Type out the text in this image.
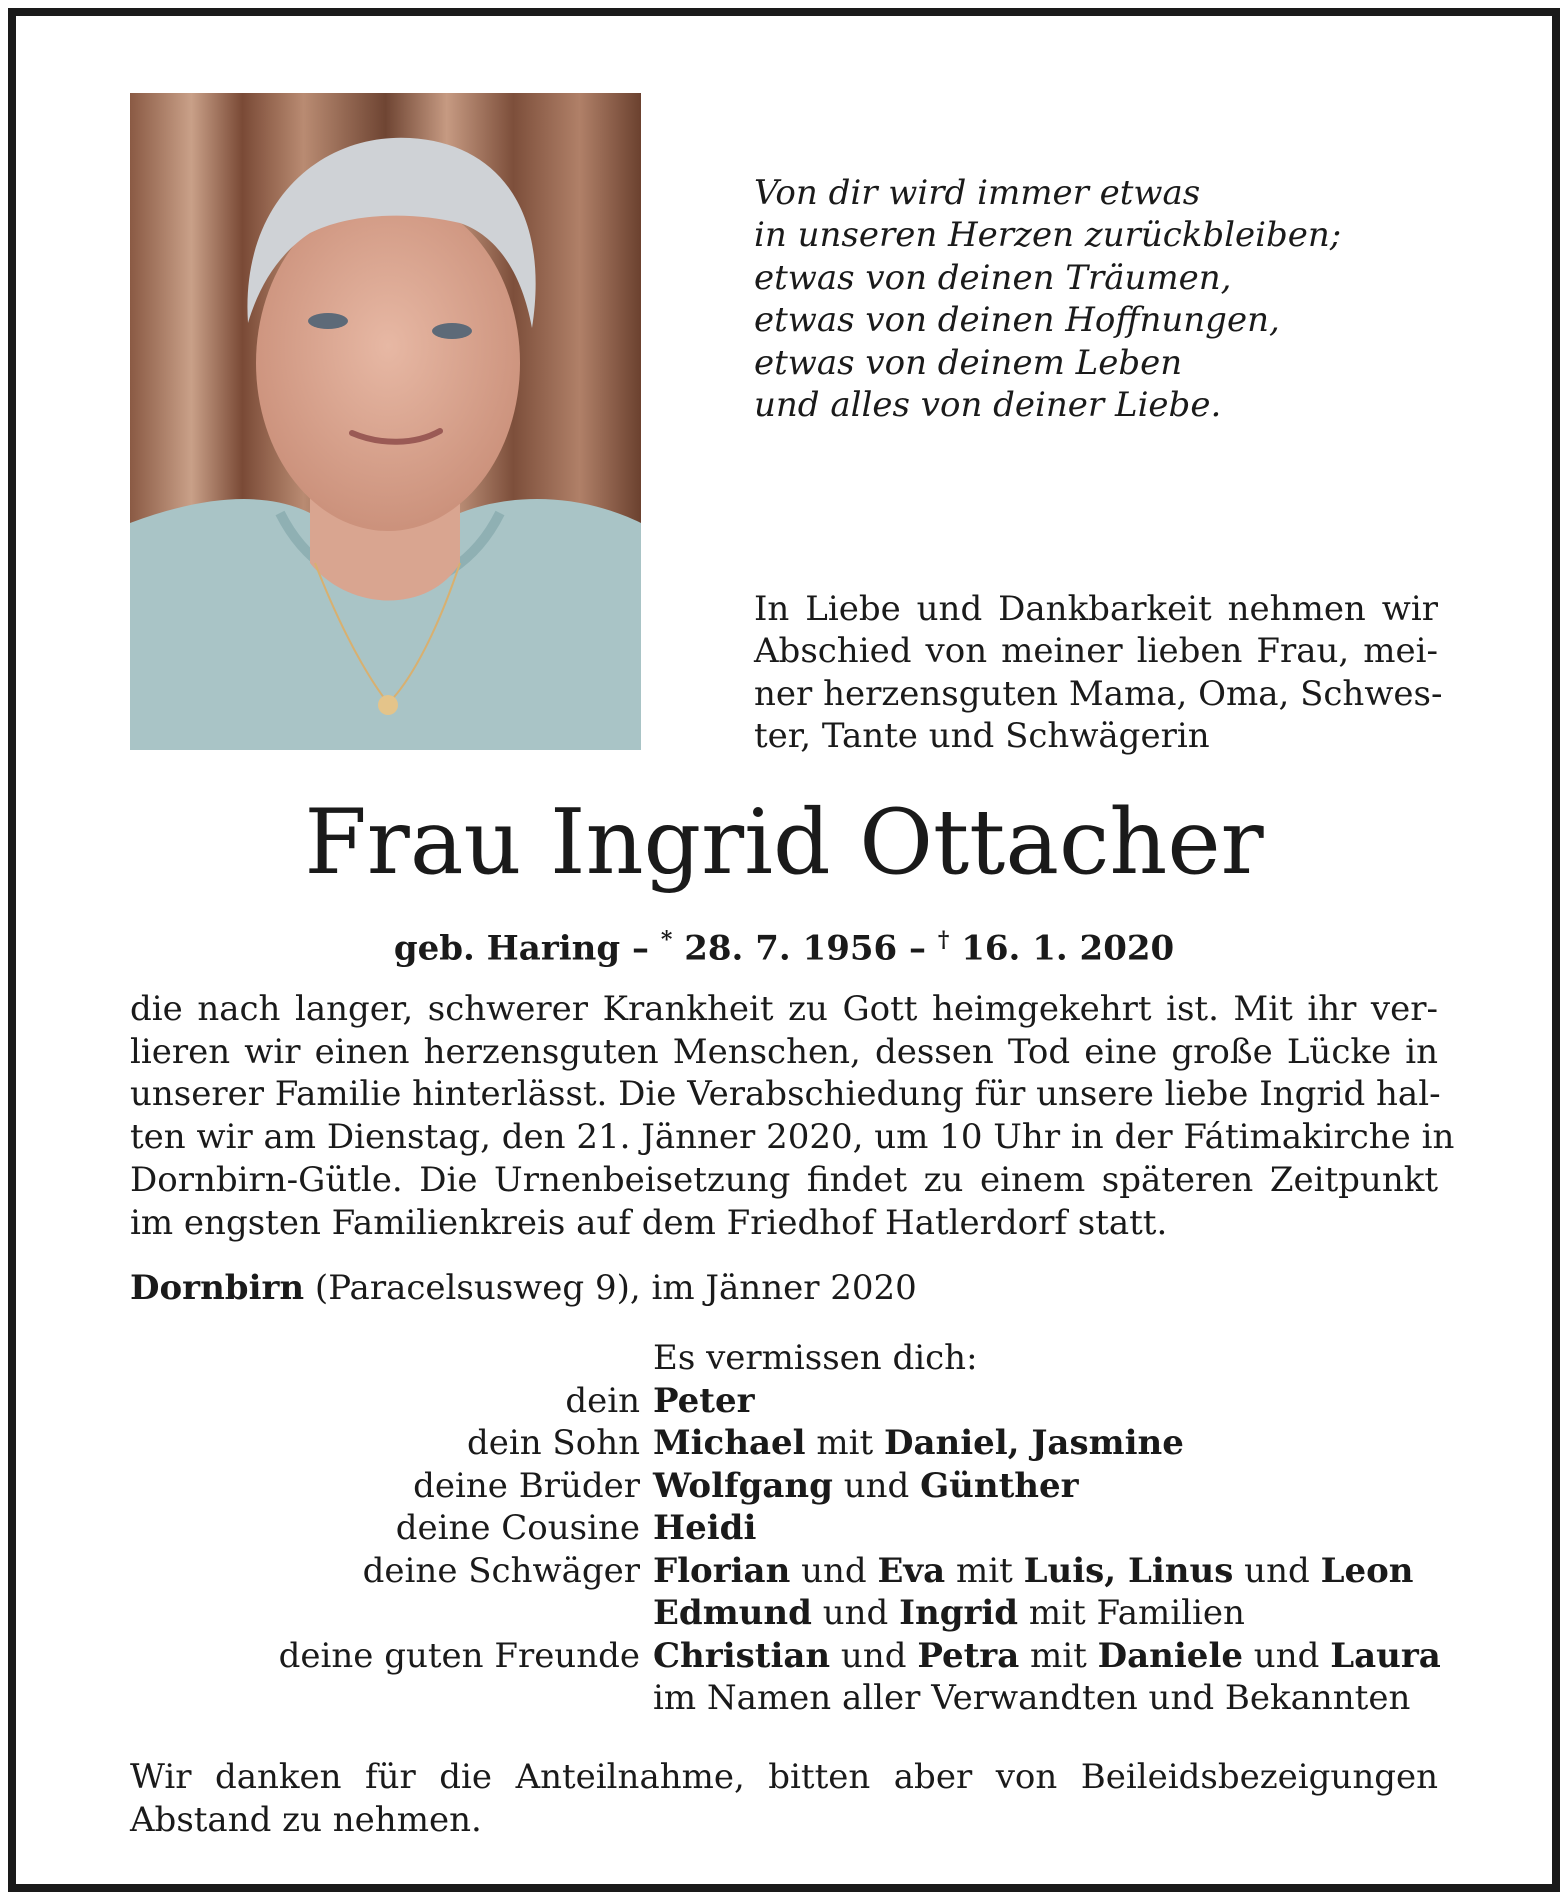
Von dir wird immer etwas
in unseren Herzen zurückbleiben;
etwas von deinen Träumen,
etwas von deinen Hoffnungen,
etwas von deinem Leben
und alles von deiner Liebe.
In Liebe und Dankbarkeit nehmen wir
Abschied von meiner lieben Frau, mei-
ner herzensguten Mama, Oma, Schwes-
ter, Tante und Schwägerin
Frau Ingrid Ottacher
geb. Haring – * 28. 7. 1956 – † 16. 1. 2020
die nach langer, schwerer Krankheit zu Gott heimgekehrt ist. Mit ihr ver-
lieren wir einen herzensguten Menschen, dessen Tod eine große Lücke in
unserer Familie hinterlässt. Die Verabschiedung für unsere liebe Ingrid hal-
ten wir am Dienstag, den 21. Jänner 2020, um 10 Uhr in der Fátimakirche in
Dornbirn-Gütle. Die Urnenbeisetzung findet zu einem späteren Zeitpunkt
im engsten Familienkreis auf dem Friedhof Hatlerdorf statt.
Dornbirn (Paracelsusweg 9), im Jänner 2020
Es vermissen dich:
dein Peter
dein Sohn Michael mit Daniel, Jasmine
deine Brüder Wolfgang und Günther
deine Cousine Heidi
deine Schwäger Florian und Eva mit Luis, Linus und Leon
Edmund und Ingrid mit Familien
deine guten Freunde Christian und Petra mit Daniele und Laura
im Namen aller Verwandten und Bekannten
Wir danken für die Anteilnahme, bitten aber von Beileidsbezeigungen
Abstand zu nehmen.
